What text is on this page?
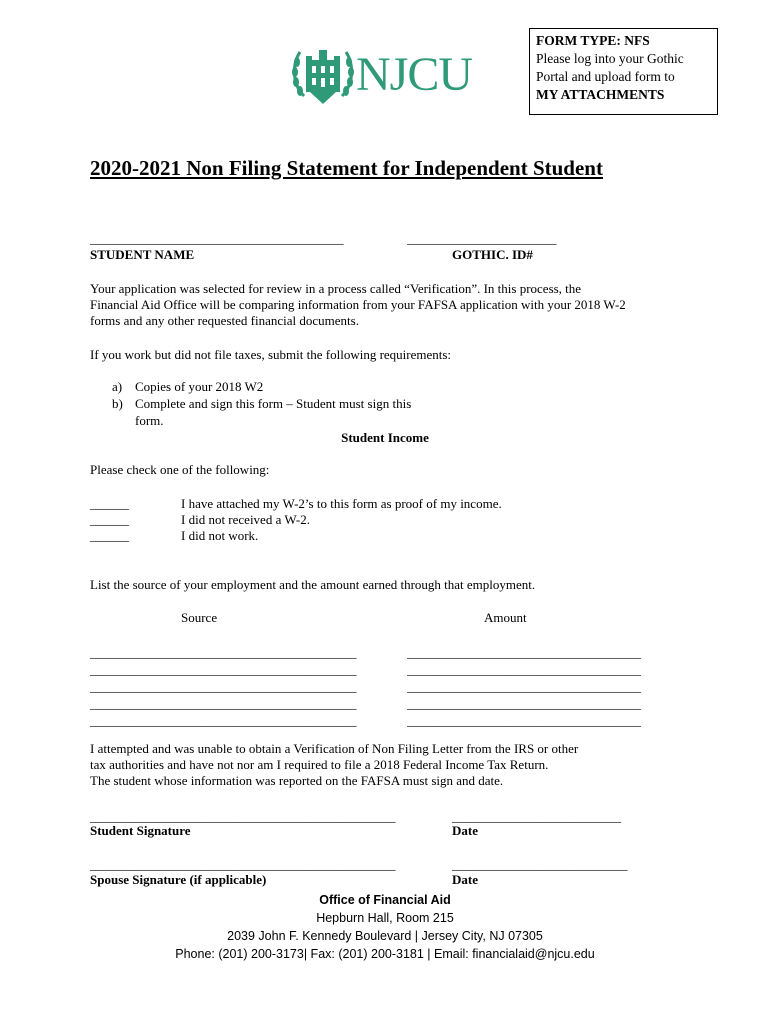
FORM TYPE: NFS
Please log into your Gothic
Portal and upload form to
MY ATTACHMENTS
NJCU
2020-2021 Non Filing Statement for Independent Student
_______________________________________
STUDENT NAME
_______________________
GOTHIC. ID#
Your application was selected for review in a process called “Verification”. In this process, the
Financial Aid Office will be comparing information from your FAFSA application with your 2018 W-2
forms and any other requested financial documents.
If you work but did not file taxes, submit the following requirements:
a) Copies of your 2018 W2
b) Complete and sign this form – Student must sign this
form.
Student Income
Please check one of the following:
______	I have attached my W-2’s to this form as proof of my income.
______	I did not received a W-2.
______	I did not work.
List the source of your employment and the amount earned through that employment.
Source	Amount
_________________________________________	____________________________________
_________________________________________	____________________________________
_________________________________________	____________________________________
_________________________________________	____________________________________
_________________________________________	____________________________________
I attempted and was unable to obtain a Verification of Non Filing Letter from the IRS or other
tax authorities and have not nor am I required to file a 2018 Federal Income Tax Return.
The student whose information was reported on the FAFSA must sign and date.
_______________________________________________
Student Signature
__________________________
Date
_______________________________________________
Spouse Signature (if applicable)
___________________________
Date
Office of Financial Aid
Hepburn Hall, Room 215
2039 John F. Kennedy Boulevard | Jersey City, NJ 07305
Phone: (201) 200-3173| Fax: (201) 200-3181 | Email: financialaid@njcu.edu
